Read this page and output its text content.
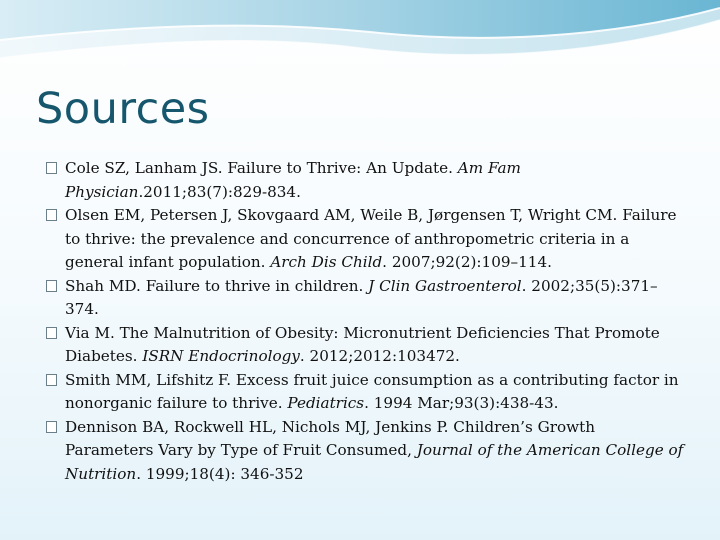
Sources
Cole SZ, Lanham JS. Failure to Thrive: An Update. Am Fam Physician.2011;83(7):829-834.
Olsen EM, Petersen J, Skovgaard AM, Weile B, Jørgensen T, Wright CM. Failure to thrive: the prevalence and concurrence of anthropometric criteria in a general infant population. Arch Dis Child. 2007;92(2):109–114.
Shah MD. Failure to thrive in children. J Clin Gastroenterol. 2002;35(5):371–374.
Via M. The Malnutrition of Obesity: Micronutrient Deficiencies That Promote Diabetes. ISRN Endocrinology. 2012;2012:103472.
Smith MM, Lifshitz F. Excess fruit juice consumption as a contributing factor in nonorganic failure to thrive. Pediatrics. 1994 Mar;93(3):438-43.
Dennison BA, Rockwell HL, Nichols MJ, Jenkins P. Children’s Growth Parameters Vary by Type of Fruit Consumed, Journal of the American College of Nutrition. 1999;18(4): 346-352
